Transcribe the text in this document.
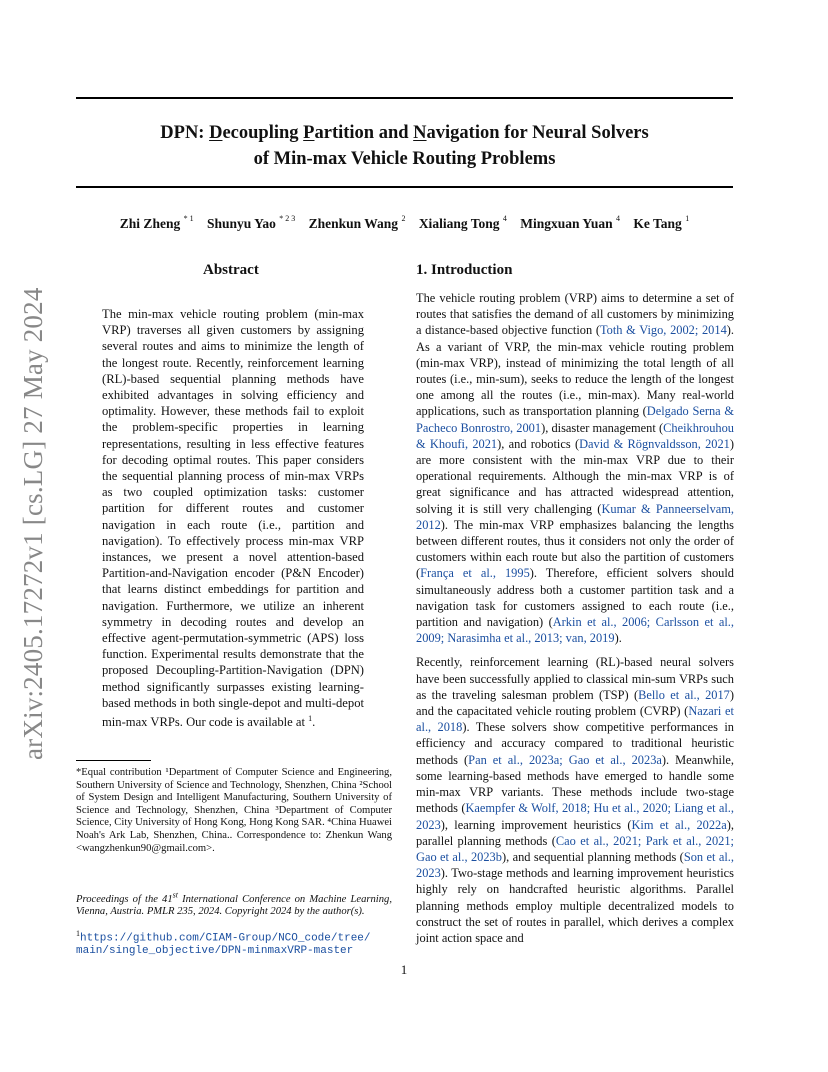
arXiv:2405.17272v1 [cs.LG] 27 May 2024
DPN: Decoupling Partition and Navigation for Neural Solvers
of Min-max Vehicle Routing Problems
Zhi Zheng $^{* 1}$ Shunyu Yao $^{* 2 3}$ Zhenkun Wang $^2$ Xialiang Tong $^4$ Mingxuan Yuan $^4$ Ke Tang $^1$
Abstract
The min-max vehicle routing problem (min-max VRP) traverses all given customers by assigning several routes and aims to minimize the length of the longest route. Recently, reinforcement learning (RL)-based sequential planning methods have exhibited advantages in solving efficiency and optimality. However, these methods fail to exploit the problem-specific properties in learning representations, resulting in less effective features for decoding optimal routes. This paper considers the sequential planning process of min-max VRPs as two coupled optimization tasks: customer partition for different routes and customer navigation in each route (i.e., partition and navigation). To effectively process min-max VRP instances, we present a novel attention-based Partition-and-Navigation encoder (P&N Encoder) that learns distinct embeddings for partition and navigation. Furthermore, we utilize an inherent symmetry in decoding routes and develop an effective agent-permutation-symmetric (APS) loss function. Experimental results demonstrate that the proposed Decoupling-Partition-Navigation (DPN) method significantly surpasses existing learning-based methods in both single-depot and multi-depot min-max VRPs. Our code is available at $^1$.
1. Introduction

The vehicle routing problem (VRP) aims to determine a set of routes that satisfies the demand of all customers by minimizing a distance-based objective function (Toth & Vigo, 2002; 2014). As a variant of VRP, the min-max vehicle routing problem (min-max VRP), instead of minimizing the total length of all routes (i.e., min-sum), seeks to reduce the length of the longest one among all the routes (i.e., min-max). Many real-world applications, such as transportation planning (Delgado Serna & Pacheco Bonrostro, 2001), disaster management (Cheikhrouhou & Khoufi, 2021), and robotics (David & Rögnvaldsson, 2021) are more consistent with the min-max VRP due to their operational requirements. Although the min-max VRP is of great significance and has attracted widespread attention, solving it is still very challenging (Kumar & Panneerselvam, 2012). The min-max VRP emphasizes balancing the lengths between different routes, thus it considers not only the order of customers within each route but also the partition of customers (França et al., 1995). Therefore, efficient solvers should simultaneously address both a customer partition task and a navigation task for customers assigned to each route (i.e., partition and navigation) (Arkin et al., 2006; Carlsson et al., 2009; Narasimha et al., 2013; van, 2019).

Recently, reinforcement learning (RL)-based neural solvers have been successfully applied to classical min-sum VRPs such as the traveling salesman problem (TSP) (Bello et al., 2017) and the capacitated vehicle routing problem (CVRP) (Nazari et al., 2018). These solvers show competitive performances in efficiency and accuracy compared to traditional heuristic methods (Pan et al., 2023a; Gao et al., 2023a). Meanwhile, some learning-based methods have emerged to handle some min-max VRP variants. These methods include two-stage methods (Kaempfer & Wolf, 2018; Hu et al., 2020; Liang et al., 2023), learning improvement heuristics (Kim et al., 2022a), parallel planning methods (Cao et al., 2021; Park et al., 2021; Gao et al., 2023b), and sequential planning methods (Son et al., 2023). Two-stage methods and learning improvement heuristics highly rely on handcrafted heuristic algorithms. Parallel planning methods employ multiple decentralized models to construct the set of routes in parallel, which derives a complex joint action space and

*Equal contribution ¹Department of Computer Science and Engineering, Southern University of Science and Technology, Shenzhen, China ²School of System Design and Intelligent Manufacturing, Southern University of Science and Technology, Shenzhen, China ³Department of Computer Science, City University of Hong Kong, Hong Kong SAR. ⁴China Huawei Noah's Ark Lab, Shenzhen, China.. Correspondence to: Zhenkun Wang <wangzhenkun90@gmail.com>.
Proceedings of the 41st International Conference on Machine Learning, Vienna, Austria. PMLR 235, 2024. Copyright 2024 by the author(s).
$^1$https://github.com/CIAM-Group/NCO_code/tree/main/single_objective/DPN-minmaxVRP-master
1
